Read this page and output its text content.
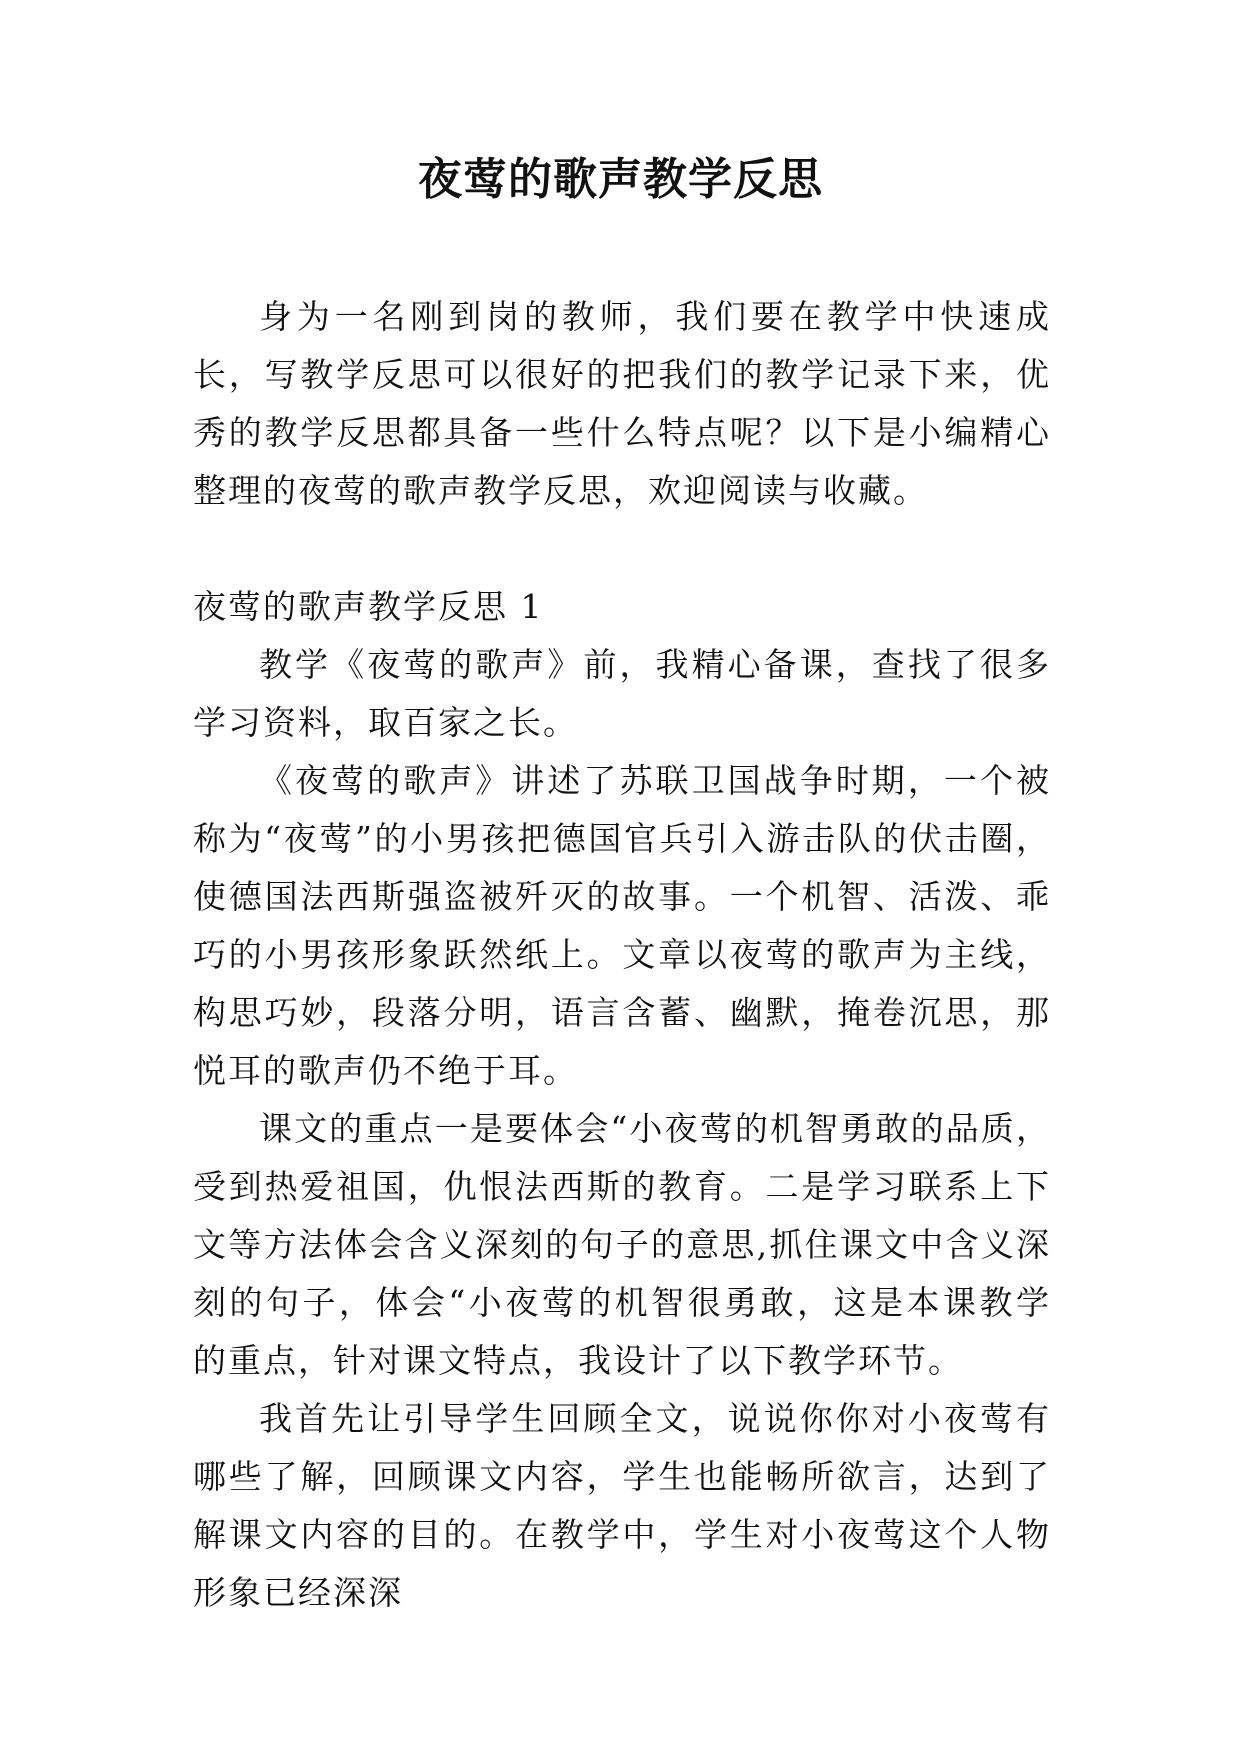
夜莺的歌声教学反思

身为一名刚到岗的教师，我们要在教学中快速成长，写教学反思可以很好的把我们的教学记录下来，优秀的教学反思都具备一些什么特点呢？以下是小编精心整理的夜莺的歌声教学反思，欢迎阅读与收藏。

夜莺的歌声教学反思 1

教学《夜莺的歌声》前，我精心备课，查找了很多学习资料，取百家之长。

《夜莺的歌声》讲述了苏联卫国战争时期，一个被称为“夜莺”的小男孩把德国官兵引入游击队的伏击圈，使德国法西斯强盗被歼灭的故事。一个机智、活泼、乖巧的小男孩形象跃然纸上。文章以夜莺的歌声为主线，构思巧妙，段落分明，语言含蓄、幽默，掩卷沉思，那悦耳的歌声仍不绝于耳。

课文的重点一是要体会“小夜莺的机智勇敢的品质，受到热爱祖国，仇恨法西斯的教育。二是学习联系上下文等方法体会含义深刻的句子的意思,抓住课文中含义深刻的句子，体会“小夜莺的机智很勇敢，这是本课教学的重点，针对课文特点，我设计了以下教学环节。

我首先让引导学生回顾全文，说说你你对小夜莺有哪些了解，回顾课文内容，学生也能畅所欲言，达到了解课文内容的目的。在教学中，学生对小夜莺这个人物形象已经深深
